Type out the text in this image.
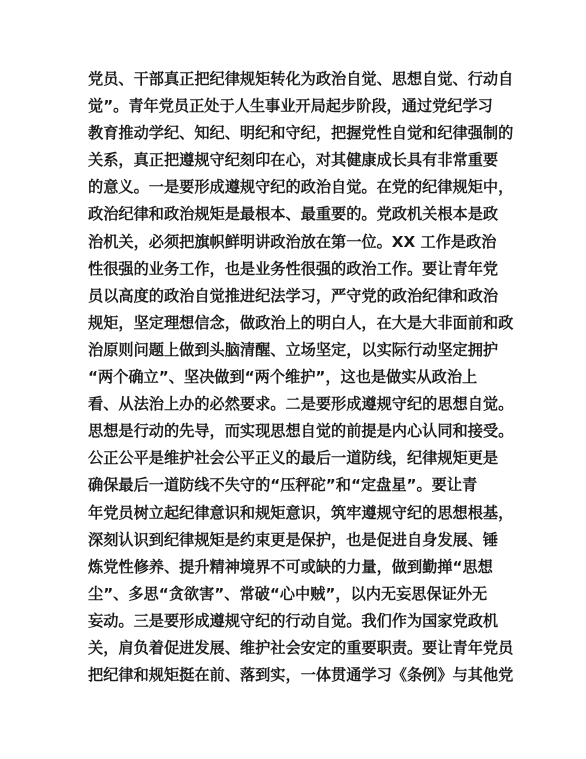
党员、干部真正把纪律规矩转化为政治自觉、思想自觉、行动自
觉”。青年党员正处于人生事业开局起步阶段，通过党纪学习
教育推动学纪、知纪、明纪和守纪，把握党性自觉和纪律强制的
关系，真正把遵规守纪刻印在心，对其健康成长具有非常重要
的意义。一是要形成遵规守纪的政治自觉。在党的纪律规矩中，
政治纪律和政治规矩是最根本、最重要的。党政机关根本是政
治机关，必须把旗帜鲜明讲政治放在第一位。XX 工作是政治
性很强的业务工作，也是业务性很强的政治工作。要让青年党
员以高度的政治自觉推进纪法学习，严守党的政治纪律和政治
规矩，坚定理想信念，做政治上的明白人，在大是大非面前和政
治原则问题上做到头脑清醒、立场坚定，以实际行动坚定拥护
“两个确立”、坚决做到“两个维护”，这也是做实从政治上
看、从法治上办的必然要求。二是要形成遵规守纪的思想自觉。
思想是行动的先导，而实现思想自觉的前提是内心认同和接受。
公正公平是维护社会公平正义的最后一道防线，纪律规矩更是
确保最后一道防线不失守的“压秤砣”和“定盘星”。要让青
年党员树立起纪律意识和规矩意识，筑牢遵规守纪的思想根基，
深刻认识到纪律规矩是约束更是保护，也是促进自身发展、锤
炼党性修养、提升精神境界不可或缺的力量，做到勤掸“思想
尘”、多思“贪欲害”、常破“心中贼”，以内无妄思保证外无
妄动。三是要形成遵规守纪的行动自觉。我们作为国家党政机
关，肩负着促进发展、维护社会安定的重要职责。要让青年党员
把纪律和规矩挺在前、落到实，一体贯通学习《条例》与其他党
